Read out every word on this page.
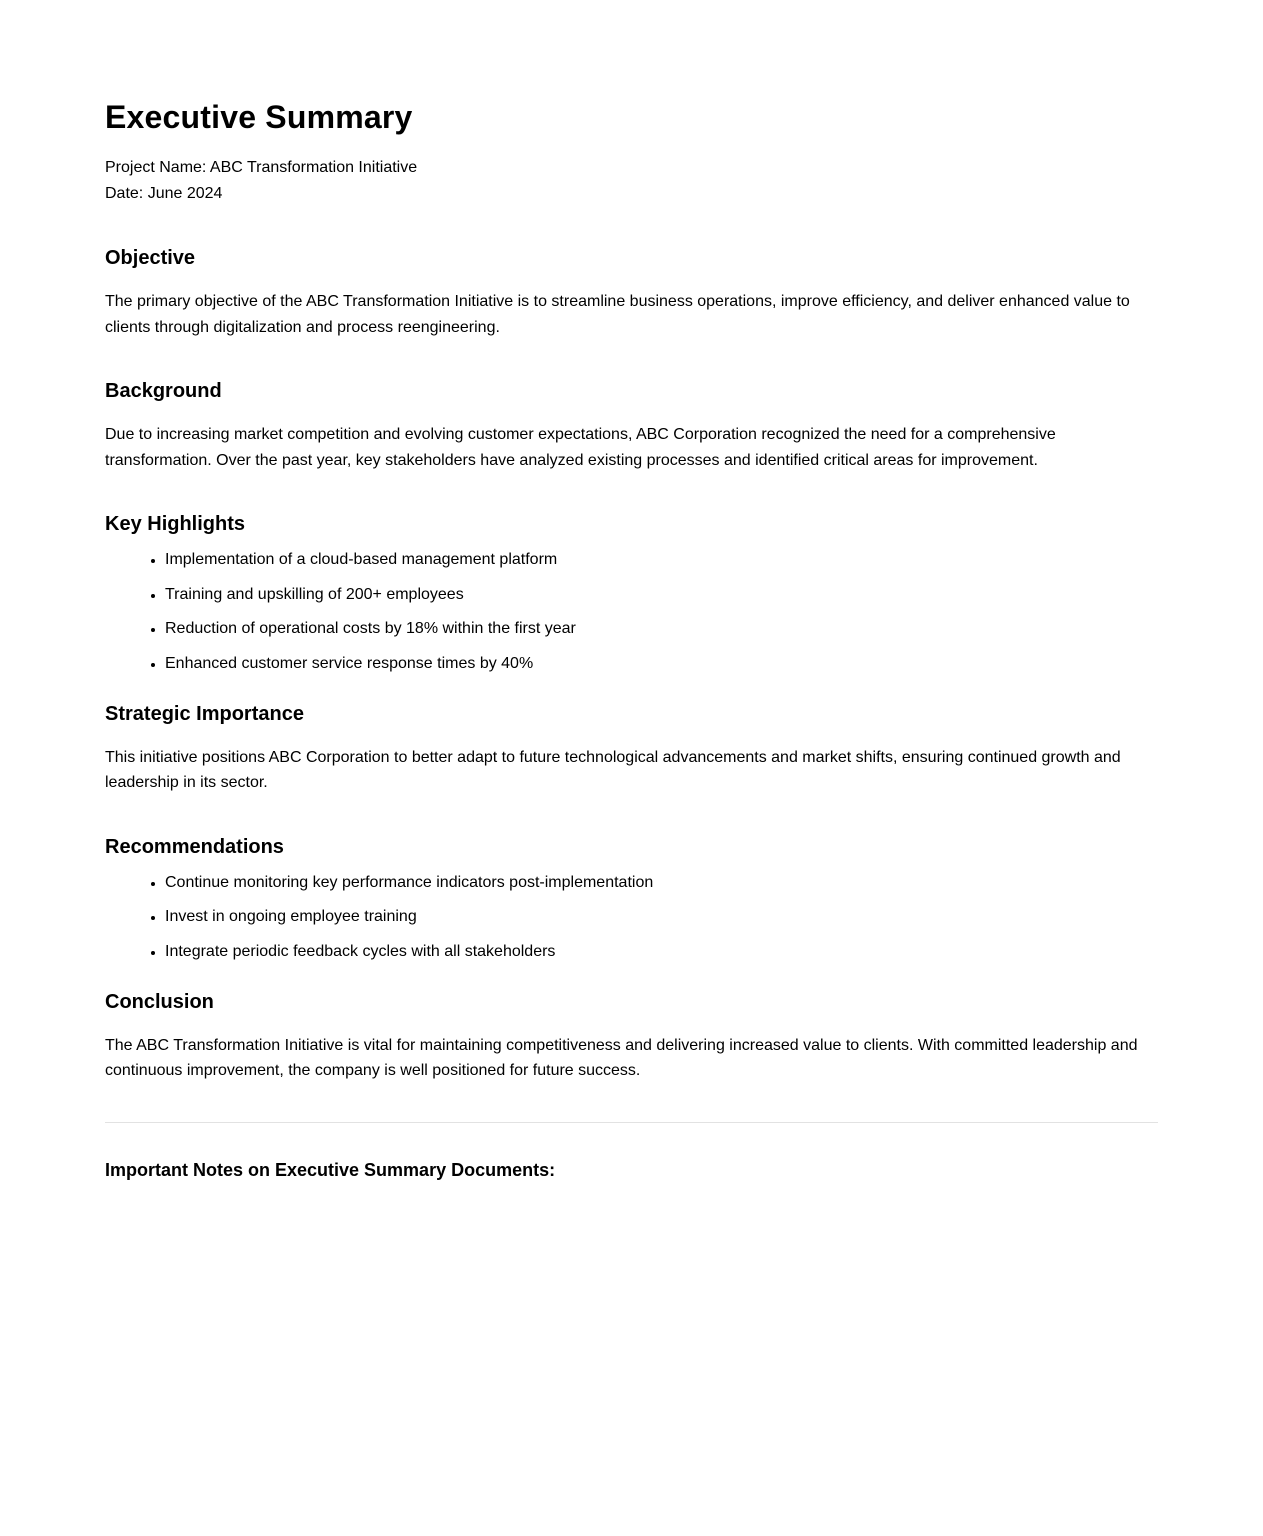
Executive Summary
Project Name: ABC Transformation Initiative
Date: June 2024
Objective

The primary objective of the ABC Transformation Initiative is to streamline business operations, improve efficiency, and deliver enhanced value to clients through digitalization and process reengineering.

Background

Due to increasing market competition and evolving customer expectations, ABC Corporation recognized the need for a comprehensive transformation. Over the past year, key stakeholders have analyzed existing processes and identified critical areas for improvement.

Key Highlights
• Implementation of a cloud-based management platform
• Training and upskilling of 200+ employees
• Reduction of operational costs by 18% within the first year
• Enhanced customer service response times by 40%
Strategic Importance

This initiative positions ABC Corporation to better adapt to future technological advancements and market shifts, ensuring continued growth and leadership in its sector.

Recommendations
• Continue monitoring key performance indicators post-implementation
• Invest in ongoing employee training
• Integrate periodic feedback cycles with all stakeholders
Conclusion

The ABC Transformation Initiative is vital for maintaining competitiveness and delivering increased value to clients. With committed leadership and continuous improvement, the company is well positioned for future success.

Important Notes on Executive Summary Documents:
